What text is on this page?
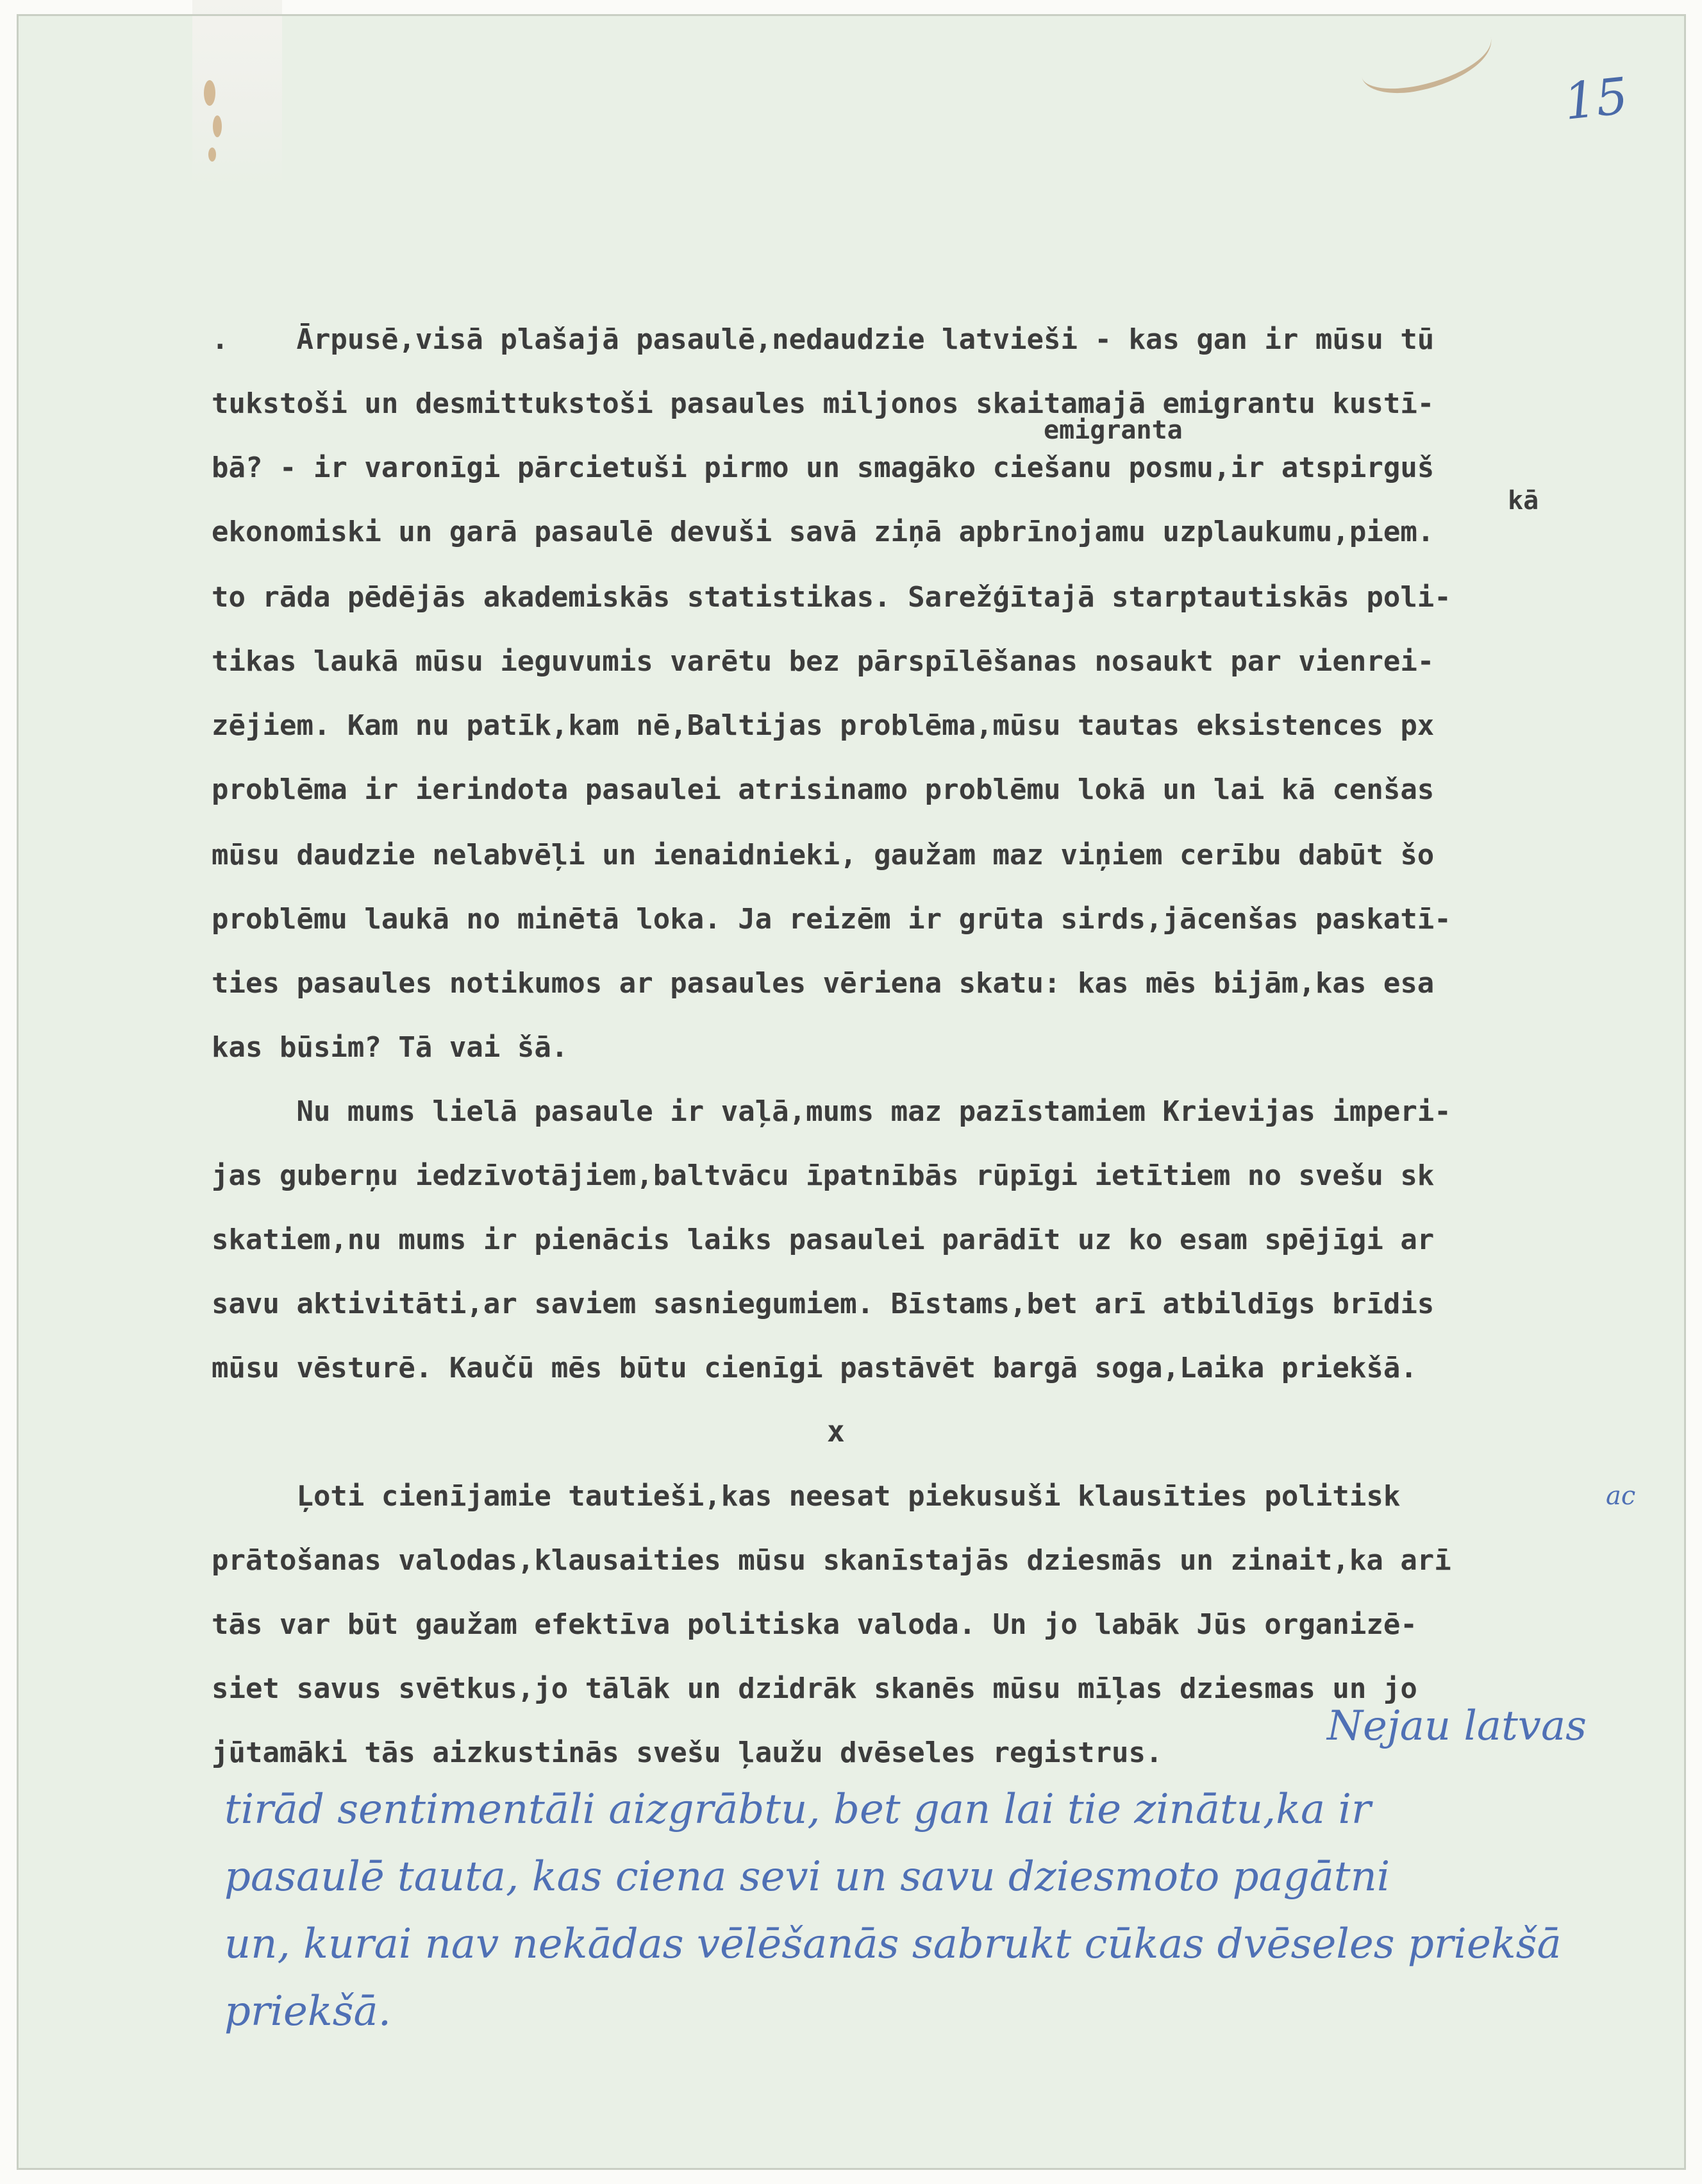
15
emigranta
kā
.    Ārpusē,visā plašajā pasaulē,nedaudzie latvieši - kas gan ir mūsu tū
tukstoši un desmittukstoši pasaules miljonos skaitamajā emigrantu kustī-
bā? - ir varonīgi pārcietuši pirmo un smagāko ciešanu posmu,ir atspirguš
ekonomiski un garā pasaulē devuši savā ziņā apbrīnojamu uzplaukumu,piem.
to rāda pēdējās akademiskās statistikas. Sarežģītajā starptautiskās poli-
tikas laukā mūsu ieguvumis varētu bez pārspīlēšanas nosaukt par vienrei-
zējiem. Kam nu patīk,kam nē,Baltijas problēma,mūsu tautas eksistences px
problēma ir ierindota pasaulei atrisinamo problēmu lokā un lai kā cenšas
mūsu daudzie nelabvēļi un ienaidnieki, gaužam maz viņiem cerību dabūt šo
problēmu laukā no minētā loka. Ja reizēm ir grūta sirds,jācenšas paskatī-
ties pasaules notikumos ar pasaules vēriena skatu: kas mēs bijām,kas esa
kas būsim? Tā vai šā.
Nu mums lielā pasaule ir vaļā,mums maz pazīstamiem Krievijas imperi-
jas guberņu iedzīvotājiem,baltvācu īpatnībās rūpīgi ietītiem no svešu sk
skatiem,nu mums ir pienācis laiks pasaulei parādīt uz ko esam spējīgi ar
savu aktivitāti,ar saviem sasniegumiem. Bīstams,bet arī atbildīgs brīdis
mūsu vēsturē. Kaučū mēs būtu cienīgi pastāvēt bargā soga,Laika priekšā.
x
Ļoti cienījamie tautieši,kas neesat piekusuši klausīties politisk	ac
prātošanas valodas,klausaities mūsu skanīstajās dziesmās un zinait,ka arī
tās var būt gaužam efektīva politiska valoda. Un jo labāk Jūs organizē-
siet savus svētkus,jo tālāk un dzidrāk skanēs mūsu mīļas dziesmas un jo
jūtamāki tās aizkustinās svešu ļaužu dvēseles registrus.
Nejau latvas
tirād sentimentāli aizgrābtu, bet gan lai tie zinātu,ka ir
pasaulē tauta, kas ciena sevi un savu dziesmoto pagātni
un, kurai nav nekādas vēlēšanās sabrukt cūkas dvēseles priekšā
priekšā.
